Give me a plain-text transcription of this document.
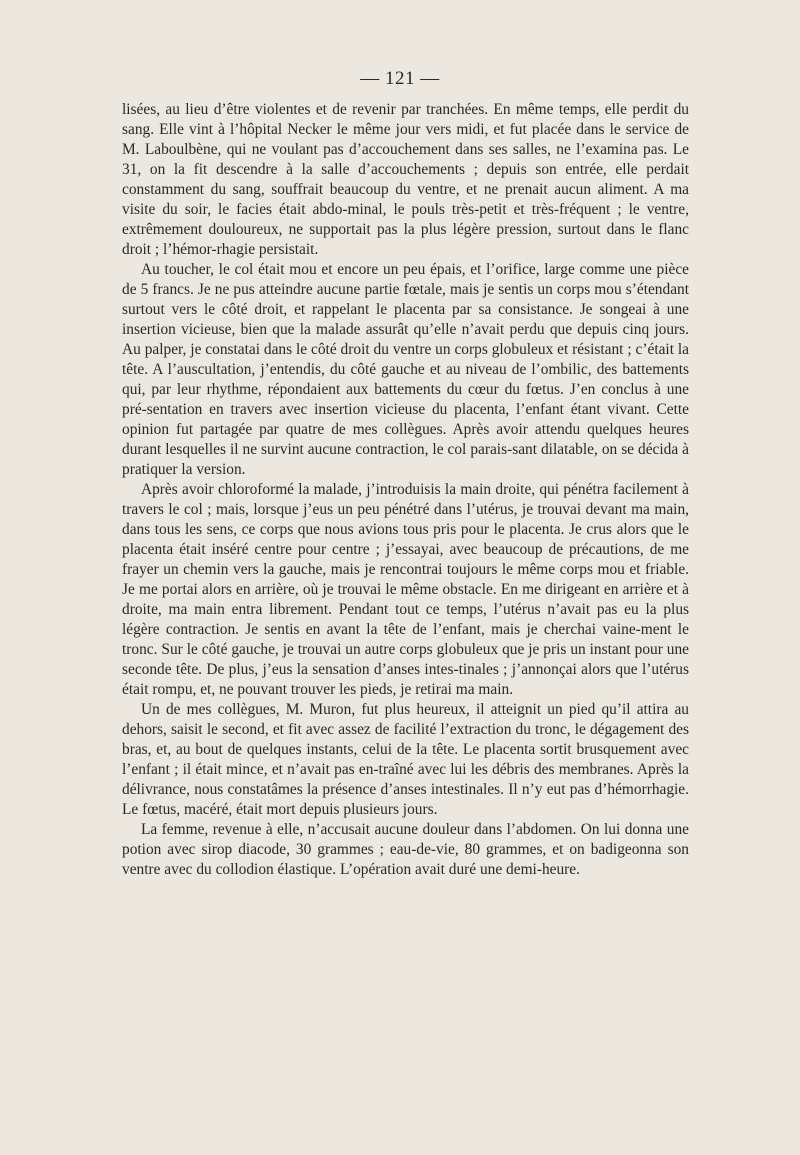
— 121 —

lisées, au lieu d’être violentes et de revenir par tranchées. En même temps, elle perdit du sang. Elle vint à l’hôpital Necker le même jour vers midi, et fut placée dans le service de M. Laboulbène, qui ne voulant pas d’accouchement dans ses salles, ne l’examina pas. Le 31, on la fit descendre à la salle d’accouchements ; depuis son entrée, elle perdait constamment du sang, souffrait beaucoup du ventre, et ne prenait aucun aliment. A ma visite du soir, le facies était abdo-minal, le pouls très-petit et très-fréquent ; le ventre, extrêmement douloureux, ne supportait pas la plus légère pression, surtout dans le flanc droit ; l’hémor-rhagie persistait.

Au toucher, le col était mou et encore un peu épais, et l’orifice, large comme une pièce de 5 francs. Je ne pus atteindre aucune partie fœtale, mais je sentis un corps mou s’étendant surtout vers le côté droit, et rappelant le placenta par sa consistance. Je songeai à une insertion vicieuse, bien que la malade assurât qu’elle n’avait perdu que depuis cinq jours. Au palper, je constatai dans le côté droit du ventre un corps globuleux et résistant ; c’était la tête. A l’auscultation, j’entendis, du côté gauche et au niveau de l’ombilic, des battements qui, par leur rhythme, répondaient aux battements du cœur du fœtus. J’en conclus à une pré-sentation en travers avec insertion vicieuse du placenta, l’enfant étant vivant. Cette opinion fut partagée par quatre de mes collègues. Après avoir attendu quelques heures durant lesquelles il ne survint aucune contraction, le col parais-sant dilatable, on se décida à pratiquer la version.

Après avoir chloroformé la malade, j’introduisis la main droite, qui pénétra facilement à travers le col ; mais, lorsque j’eus un peu pénétré dans l’utérus, je trouvai devant ma main, dans tous les sens, ce corps que nous avions tous pris pour le placenta. Je crus alors que le placenta était inséré centre pour centre ; j’essayai, avec beaucoup de précautions, de me frayer un chemin vers la gauche, mais je rencontrai toujours le même corps mou et friable. Je me portai alors en arrière, où je trouvai le même obstacle. En me dirigeant en arrière et à droite, ma main entra librement. Pendant tout ce temps, l’utérus n’avait pas eu la plus légère contraction. Je sentis en avant la tête de l’enfant, mais je cherchai vaine-ment le tronc. Sur le côté gauche, je trouvai un autre corps globuleux que je pris un instant pour une seconde tête. De plus, j’eus la sensation d’anses intes-tinales ; j’annonçai alors que l’utérus était rompu, et, ne pouvant trouver les pieds, je retirai ma main.

Un de mes collègues, M. Muron, fut plus heureux, il atteignit un pied qu’il attira au dehors, saisit le second, et fit avec assez de facilité l’extraction du tronc, le dégagement des bras, et, au bout de quelques instants, celui de la tête. Le placenta sortit brusquement avec l’enfant ; il était mince, et n’avait pas en-traîné avec lui les débris des membranes. Après la délivrance, nous constatâmes la présence d’anses intestinales. Il n’y eut pas d’hémorrhagie. Le fœtus, macéré, était mort depuis plusieurs jours.

La femme, revenue à elle, n’accusait aucune douleur dans l’abdomen. On lui donna une potion avec sirop diacode, 30 grammes ; eau-de-vie, 80 grammes, et on badigeonna son ventre avec du collodion élastique. L’opération avait duré une demi-heure.
